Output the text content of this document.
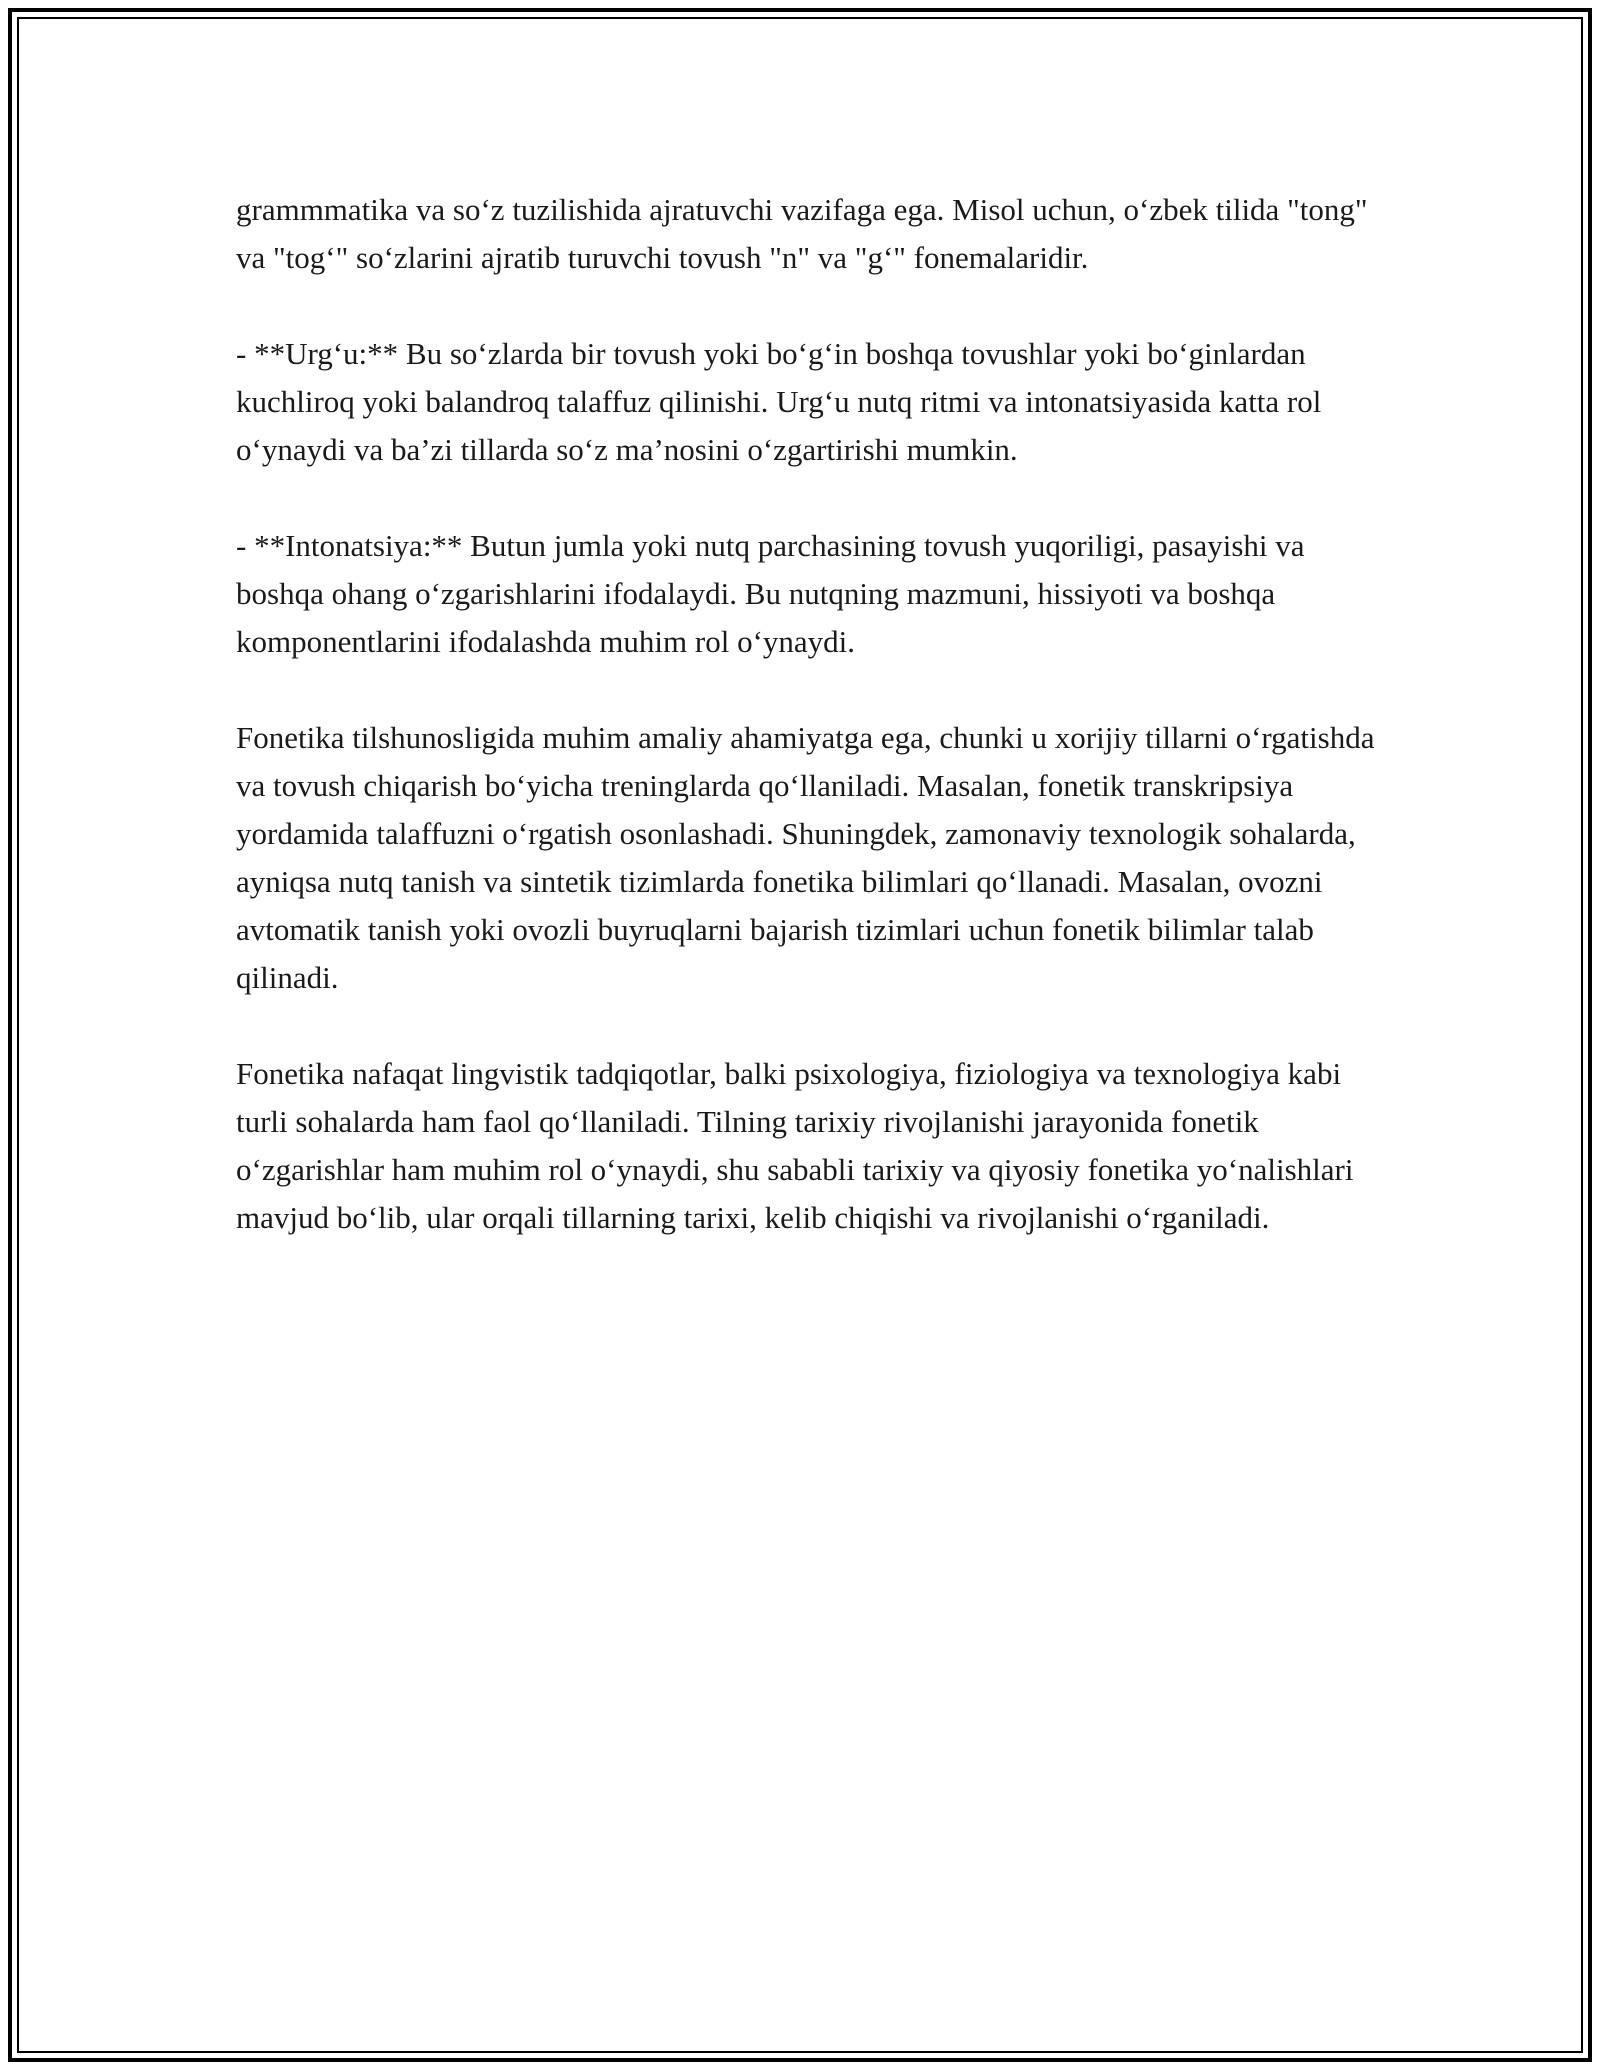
grammmatika va so‘z tuzilishida ajratuvchi vazifaga ega. Misol uchun, o‘zbek tilida "tong" va "tog‘" so‘zlarini ajratib turuvchi tovush "n" va "g‘" fonemalaridir.

- **Urg‘u:** Bu so‘zlarda bir tovush yoki bo‘g‘in boshqa tovushlar yoki bo‘ginlardan kuchliroq yoki balandroq talaffuz qilinishi. Urg‘u nutq ritmi va intonatsiyasida katta rol o‘ynaydi va ba’zi tillarda so‘z ma’nosini o‘zgartirishi mumkin.

- **Intonatsiya:** Butun jumla yoki nutq parchasining tovush yuqoriligi, pasayishi va boshqa ohang o‘zgarishlarini ifodalaydi. Bu nutqning mazmuni, hissiyoti va boshqa komponentlarini ifodalashda muhim rol o‘ynaydi.

Fonetika tilshunosligida muhim amaliy ahamiyatga ega, chunki u xorijiy tillarni o‘rgatishda va tovush chiqarish bo‘yicha treninglarda qo‘llaniladi. Masalan, fonetik transkripsiya yordamida talaffuzni o‘rgatish osonlashadi. Shuningdek, zamonaviy texnologik sohalarda, ayniqsa nutq tanish va sintetik tizimlarda fonetika bilimlari qo‘llanadi. Masalan, ovozni avtomatik tanish yoki ovozli buyruqlarni bajarish tizimlari uchun fonetik bilimlar talab qilinadi.

Fonetika nafaqat lingvistik tadqiqotlar, balki psixologiya, fiziologiya va texnologiya kabi turli sohalarda ham faol qo‘llaniladi. Tilning tarixiy rivojlanishi jarayonida fonetik o‘zgarishlar ham muhim rol o‘ynaydi, shu sababli tarixiy va qiyosiy fonetika yo‘nalishlari mavjud bo‘lib, ular orqali tillarning tarixi, kelib chiqishi va rivojlanishi o‘rganiladi.
